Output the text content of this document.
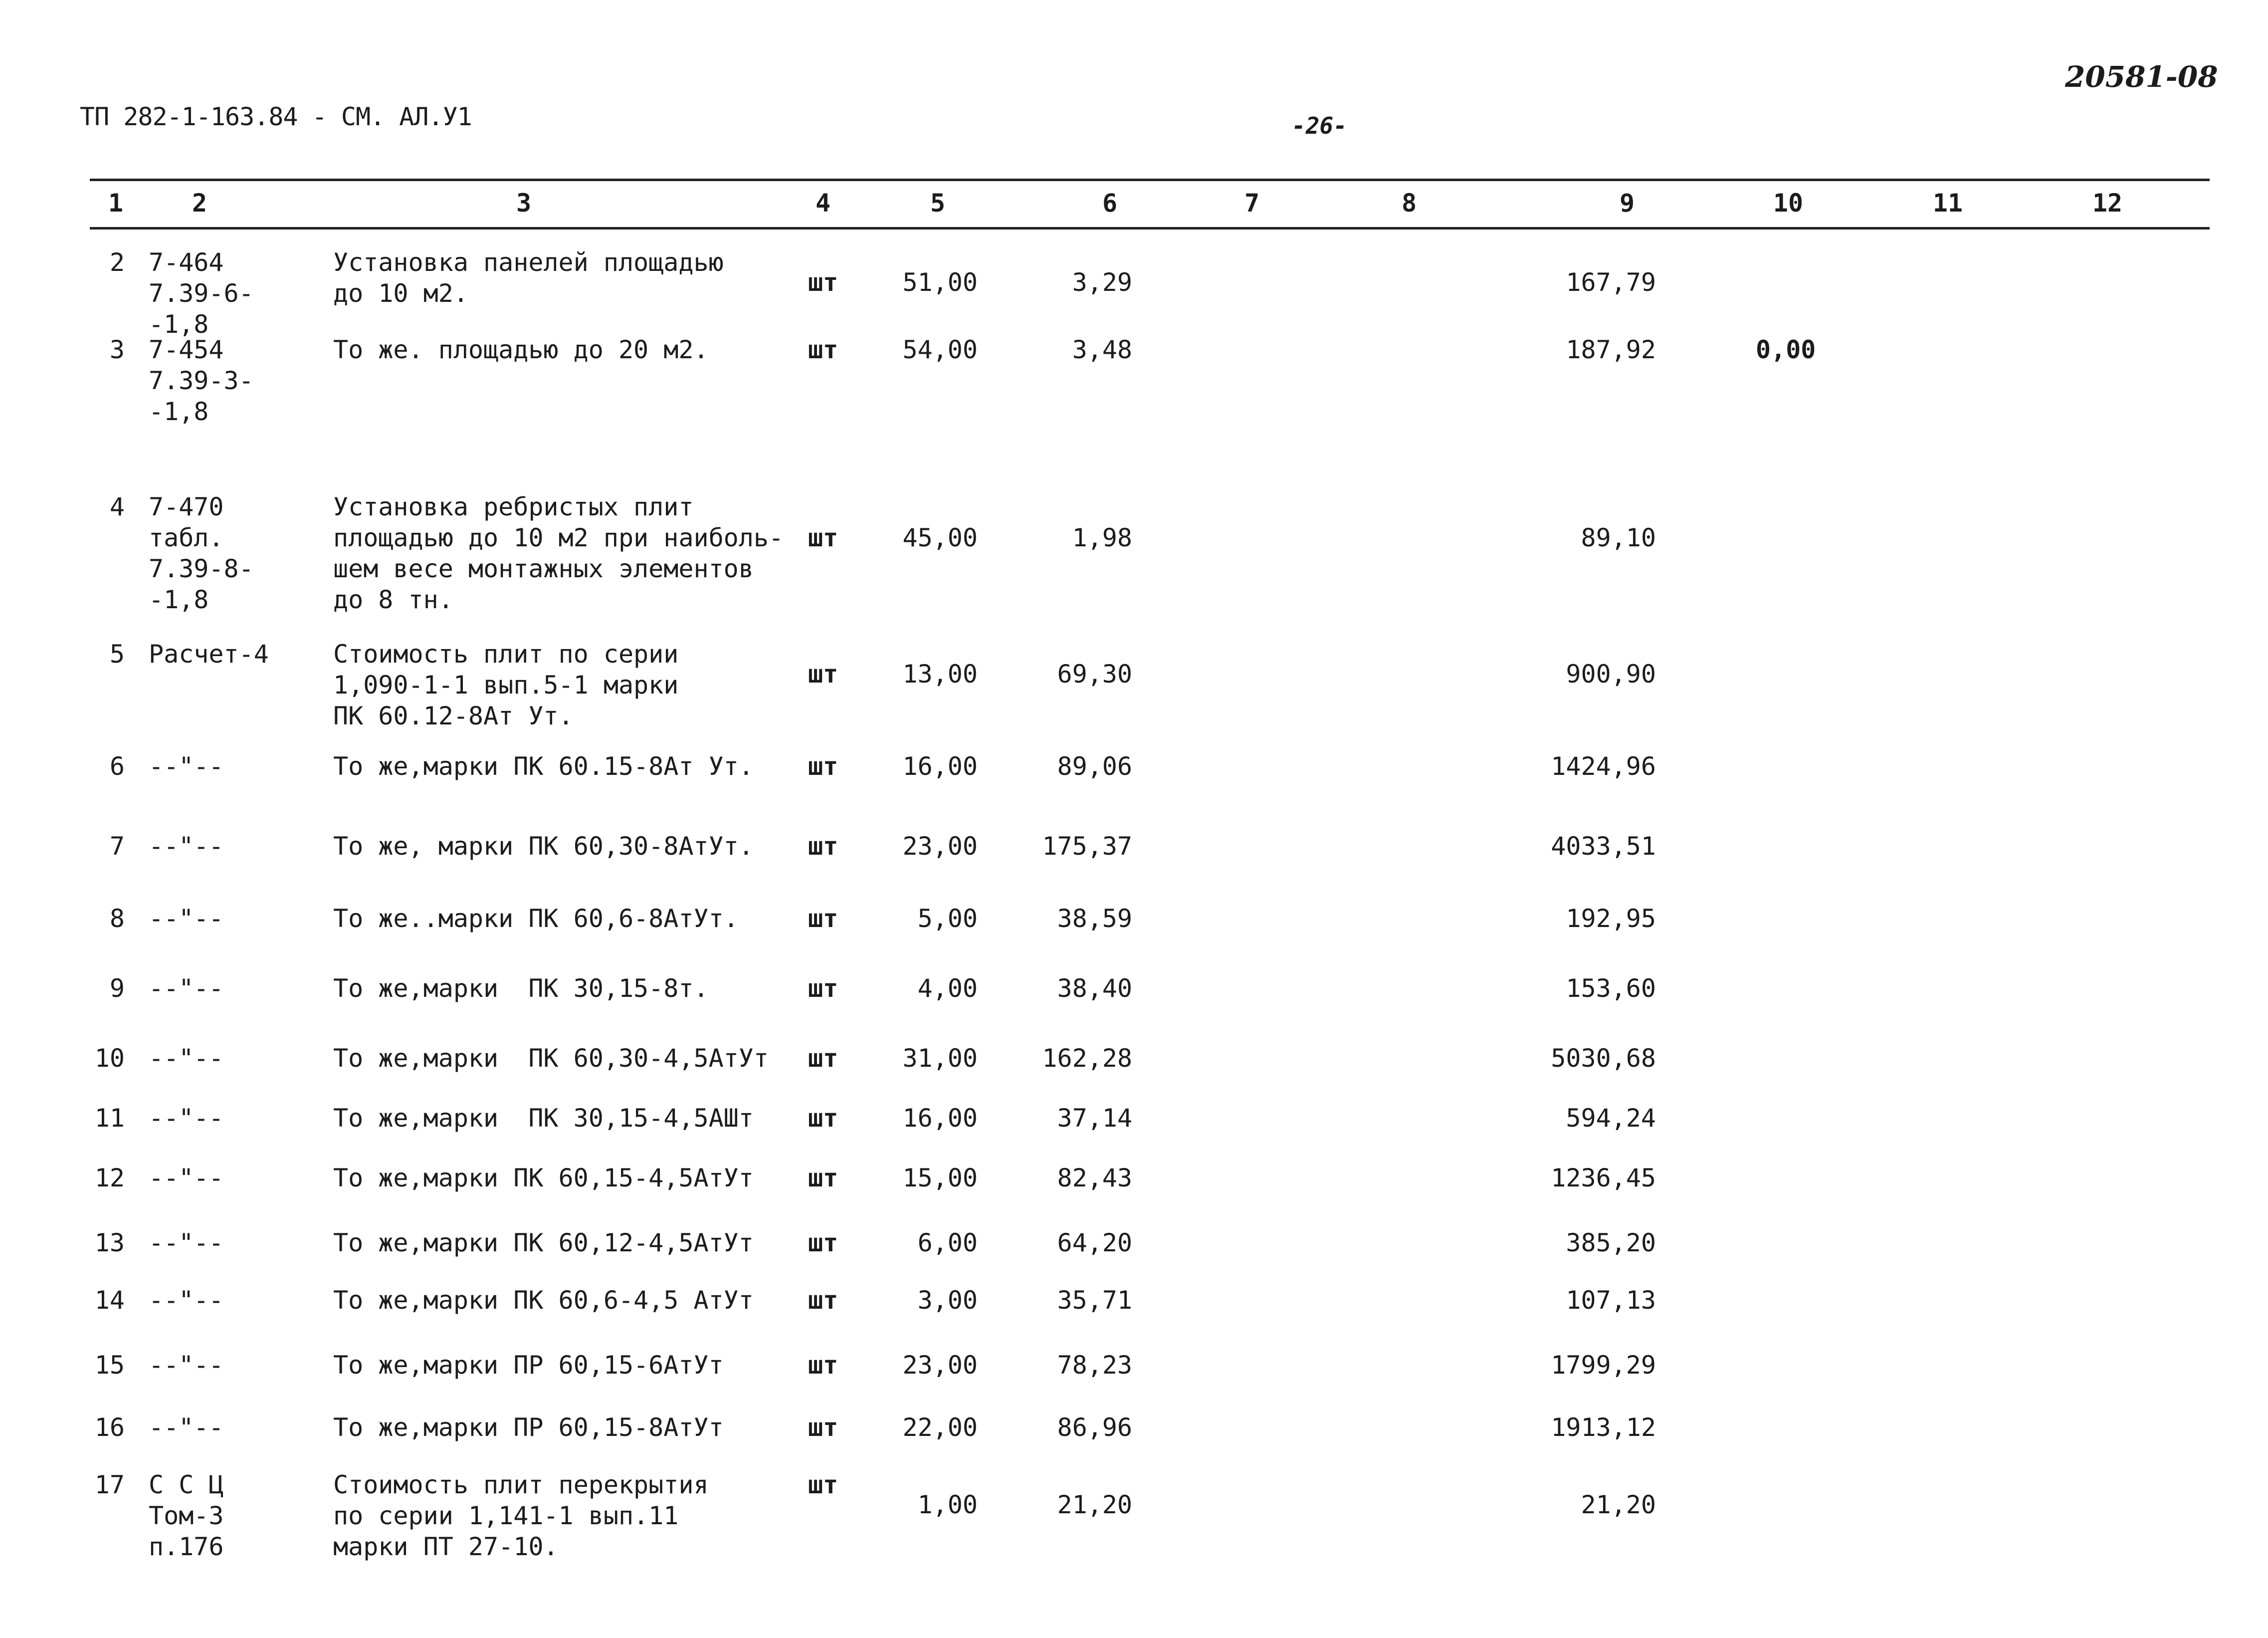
ТП 282-1-163.84 - СМ. АЛ.У1	-26-
20581-08
1	2	3	4	5	6	7	8	9	10	11	12
2 7-464
7.39-6-
-1,8
Установка панелей площадью
до 10 м2.	шт	51,00	3,29	167,79
3 7-454
7.39-3-
-1,8
То же. площадью до 20 м2.	шт	54,00	3,48	187,92	0,00
4 7-470
табл.
7.39-8-
-1,8
Установка ребристых плит
площадью до 10 м2 при наиболь-
шем весе монтажных элементов
до 8 тн.
шт	45,00	1,98	89,10
5 Расчет-4	Стоимость плит по серии
1,090-1-1 вып.5-1 марки
ПК 60.12-8Ат Ут.
шт	13,00	69,30	900,90
6 --"--	То же,марки ПК 60.15-8Ат Ут. шт	16,00	89,06	1424,96
7 --"--	То же, марки ПК 60,30-8АтУт. шт	23,00	175,37	4033,51
8 --"--	То же..марки ПК 60,6-8АтУт.	шт	5,00	38,59	192,95
9 --"--	То же,марки  ПК 30,15-8т.	шт	4,00	38,40	153,60
10 --"--	То же,марки  ПК 60,30-4,5АтУт шт	31,00	162,28	5030,68
11 --"--	То же,марки  ПК 30,15-4,5АШт шт	16,00	37,14	594,24
12 --"--	То же,марки ПК 60,15-4,5АтУт шт	15,00	82,43	1236,45
13 --"--	То же,марки ПК 60,12-4,5АтУт шт	6,00	64,20	385,20
14 --"--	То же,марки ПК 60,6-4,5 АтУт шт	3,00	35,71	107,13
15 --"--	То же,марки ПР 60,15-6АтУт	шт	23,00	78,23	1799,29
16 --"--	То же,марки ПР 60,15-8АтУт	шт	22,00	86,96	1913,12
17 С С Ц
Том-3
п.176
Стоимость плит перекрытия
по серии 1,141-1 вып.11
марки ПТ 27-10.
шт
1,00	21,20	21,20
